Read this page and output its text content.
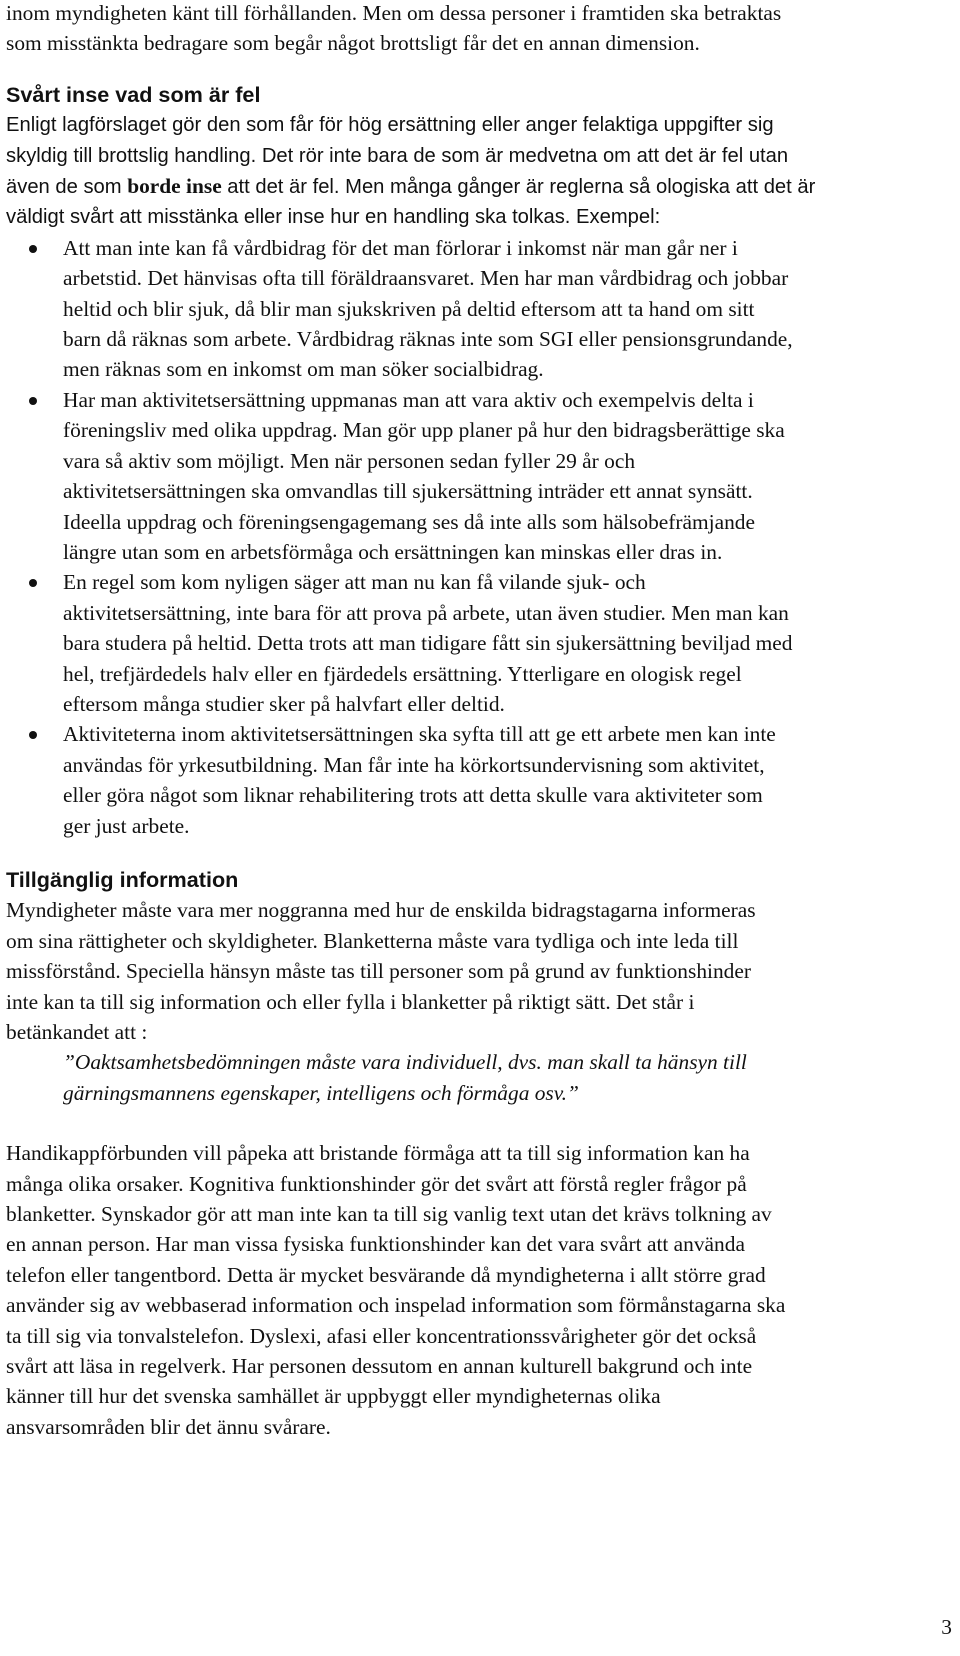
inom myndigheten känt till förhållanden. Men om dessa personer i framtiden ska betraktas
som misstänkta bedragare som begår något brottsligt får det en annan dimension.

Svårt inse vad som är fel
Enligt lagförslaget gör den som får för hög ersättning eller anger felaktiga uppgifter sig
skyldig till brottslig handling. Det rör inte bara de som är medvetna om att det är fel utan
även de som borde inse att det är fel. Men många gånger är reglerna så ologiska att det är
väldigt svårt att misstänka eller inse hur en handling ska tolkas. Exempel:
Att man inte kan få vårdbidrag för det man förlorar i inkomst när man går ner i
arbetstid. Det hänvisas ofta till föräldraansvaret. Men har man vårdbidrag och jobbar
heltid och blir sjuk, då blir man sjukskriven på deltid eftersom att ta hand om sitt
barn då räknas som arbete. Vårdbidrag räknas inte som SGI eller pensionsgrundande,
men räknas som en inkomst om man söker socialbidrag.
Har man aktivitetsersättning uppmanas man att vara aktiv och exempelvis delta i
föreningsliv med olika uppdrag. Man gör upp planer på hur den bidragsberättige ska
vara så aktiv som möjligt. Men när personen sedan fyller 29 år och
aktivitetsersättningen ska omvandlas till sjukersättning inträder ett annat synsätt.
Ideella uppdrag och föreningsengagemang ses då inte alls som hälsobefrämjande
längre utan som en arbetsförmåga och ersättningen kan minskas eller dras in.
En regel som kom nyligen säger att man nu kan få vilande sjuk- och
aktivitetsersättning, inte bara för att prova på arbete, utan även studier. Men man kan
bara studera på heltid. Detta trots att man tidigare fått sin sjukersättning beviljad med
hel, trefjärdedels halv eller en fjärdedels ersättning. Ytterligare en ologisk regel
eftersom många studier sker på halvfart eller deltid.
Aktiviteterna inom aktivitetsersättningen ska syfta till att ge ett arbete men kan inte
användas för yrkesutbildning. Man får inte ha körkortsundervisning som aktivitet,
eller göra något som liknar rehabilitering trots att detta skulle vara aktiviteter som
ger just arbete.
Tillgänglig information

Myndigheter måste vara mer noggranna med hur de enskilda bidragstagarna informeras
om sina rättigheter och skyldigheter. Blanketterna måste vara tydliga och inte leda till
missförstånd. Speciella hänsyn måste tas till personer som på grund av funktionshinder
inte kan ta till sig information och eller fylla i blanketter på riktigt sätt. Det står i
betänkandet att :

”Oaktsamhetsbedömningen måste vara individuell, dvs. man skall ta hänsyn till
gärningsmannens egenskaper, intelligens och förmåga osv.”

Handikappförbunden vill påpeka att bristande förmåga att ta till sig information kan ha
många olika orsaker. Kognitiva funktionshinder gör det svårt att förstå regler frågor på
blanketter. Synskador gör att man inte kan ta till sig vanlig text utan det krävs tolkning av
en annan person. Har man vissa fysiska funktionshinder kan det vara svårt att använda
telefon eller tangentbord. Detta är mycket besvärande då myndigheterna i allt större grad
använder sig av webbaserad information och inspelad information som förmånstagarna ska
ta till sig via tonvalstelefon. Dyslexi, afasi eller koncentrationssvårigheter gör det också
svårt att läsa in regelverk. Har personen dessutom en annan kulturell bakgrund och inte
känner till hur det svenska samhället är uppbyggt eller myndigheternas olika
ansvarsområden blir det ännu svårare.

3
